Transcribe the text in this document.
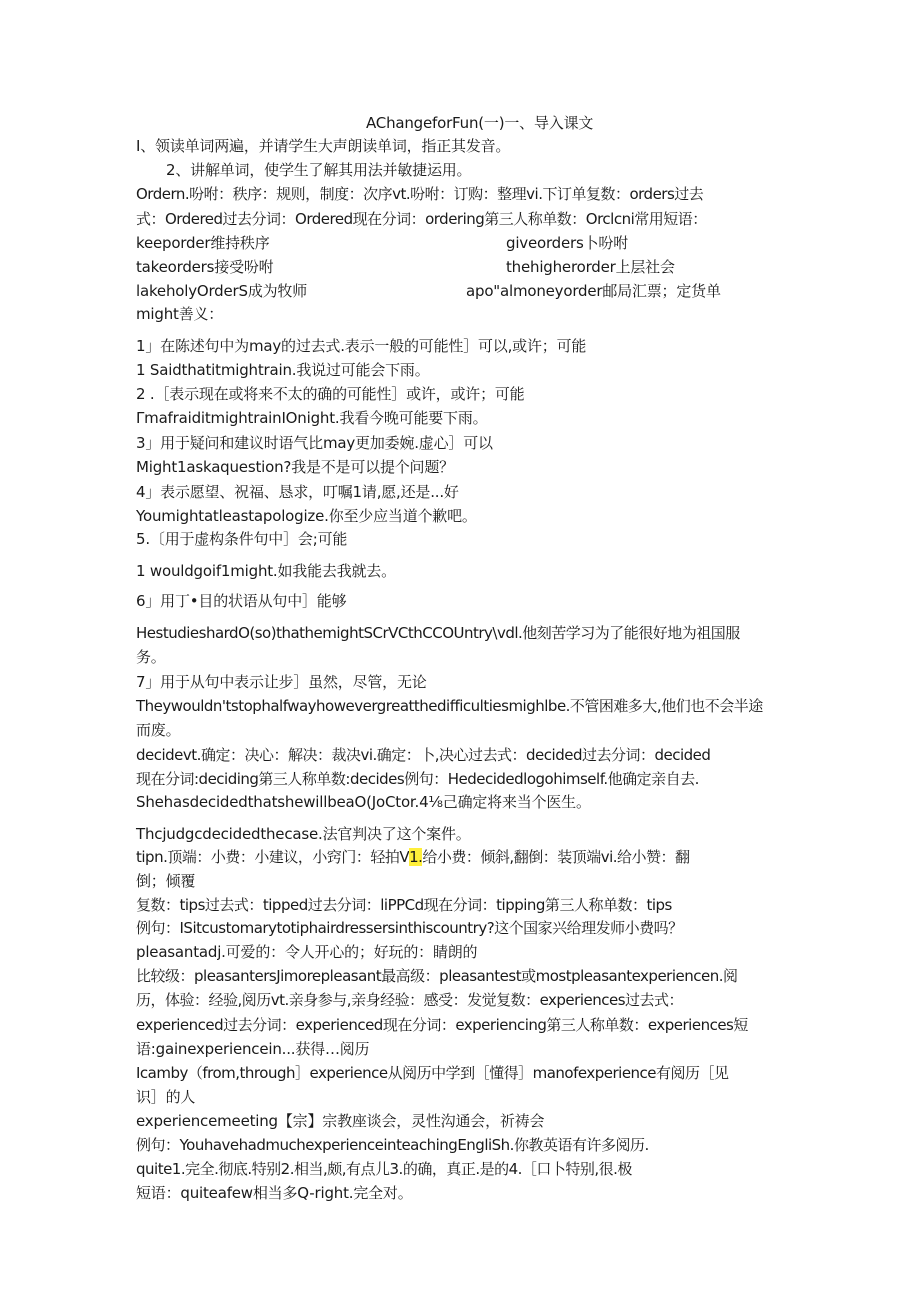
AChangeforFun(一)一、导入课文
I、领读单词两遍，并请学生大声朗读单词，指正其发音。
2、讲解单词，使学生了解其用法并敏捷运用。
Ordern.吩咐：秩序：规则，制度：次序vt.吩咐：订购：整理vi.下订单复数：orders过去
式：Ordered过去分词：Ordered现在分词：ordering第三人称单数：Orclcni常用短语：
keeporder维持秩序	giveorders卜吩咐
takeorders接受吩咐	thehigherorder上层社会
lakeholyOrderS成为牧师	apo"almoneyorder邮局汇票；定货单
might善义：
1」在陈述句中为may的过去式.表示一般的可能性］可以,或许；可能
1 Saidthatitmightrain.我说过可能会下雨。
2 .［表示现在或将来不太的确的可能性］或许，或许；可能
ΓmafraiditmightrainIOnight.我看今晚可能要下雨。
3」用于疑问和建议时语气比may更加委婉.虚心］可以
Might1askaquestion?我是不是可以提个问题？
4」表示愿望、祝福、恳求，叮嘱1请,愿,还是...好
Youmightatleastapologize.你至少应当道个歉吧。
5.〔用于虚构条件句中］会;可能
1 wouldgoif1might.如我能去我就去。
6」用丁•目的状语从句中］能够
HestudieshardΟ(so)thathemightSCrVCthCCOUntry\vdl.他刻苦学习为了能很好地为祖国服
务。
7」用于从句中表示让步］虽然，尽管，无论
Theywouldn'tstophalfwayhowevergreatthedifficultiesmighlbe.不管困难多大,他们也不会半途
而废。
decidevt.确定：决心：解决：裁决vi.确定：卜,决心过去式：decided过去分词：decided
现在分词:deciding第三人称单数:decides例句：Hedecidedlogohimself.他确定亲自去.
ShehasdecidedthatshewillbeaΟ(JoCtor.4⅛己确定将来当个医生。
Thcjudgcdecidedthecase.法官判决了这个案件。
tipn.顶端：小费：小建议，小窍门：轻拍V1.给小费：倾斜,翻倒：装顶端vi.给小赞：翻
倒；倾覆
复数：tips过去式：tipped过去分词：liPPCd现在分词：tipping第三人称单数：tips
例句：ISitcustomarytotiphairdressersinthiscountry?这个国家兴给理发师小费吗？
pleasantadj.可爱的：令人开心的；好玩的：睛朗的
比较级：pleasantersJimorepleasant最高级：pleasantest或mostpleasantexperiencen.阅
历，体验：经验,阅历vt.亲身参与,亲身经验：感受：发觉复数：experiences过去式：
experienced过去分词：experienced现在分词：experiencing第三人称单数：experiences短
语:gainexperiencein...获得…阅历
Icamby（from,through］experience从阅历中学到［懂得］manofexperience有阅历［见
识］的人
experiencemeeting【宗】宗教座谈会，灵性沟通会，祈祷会
例句：YouhavehadmuchexperienceinteachingEngliSh.你教英语有许多阅历.
quite1.完全.彻底.特别2.相当,颇,有点儿3.的确，真正.是的4.［口卜特别,很.极
短语：quiteafew相当多Q-right.完全对。
